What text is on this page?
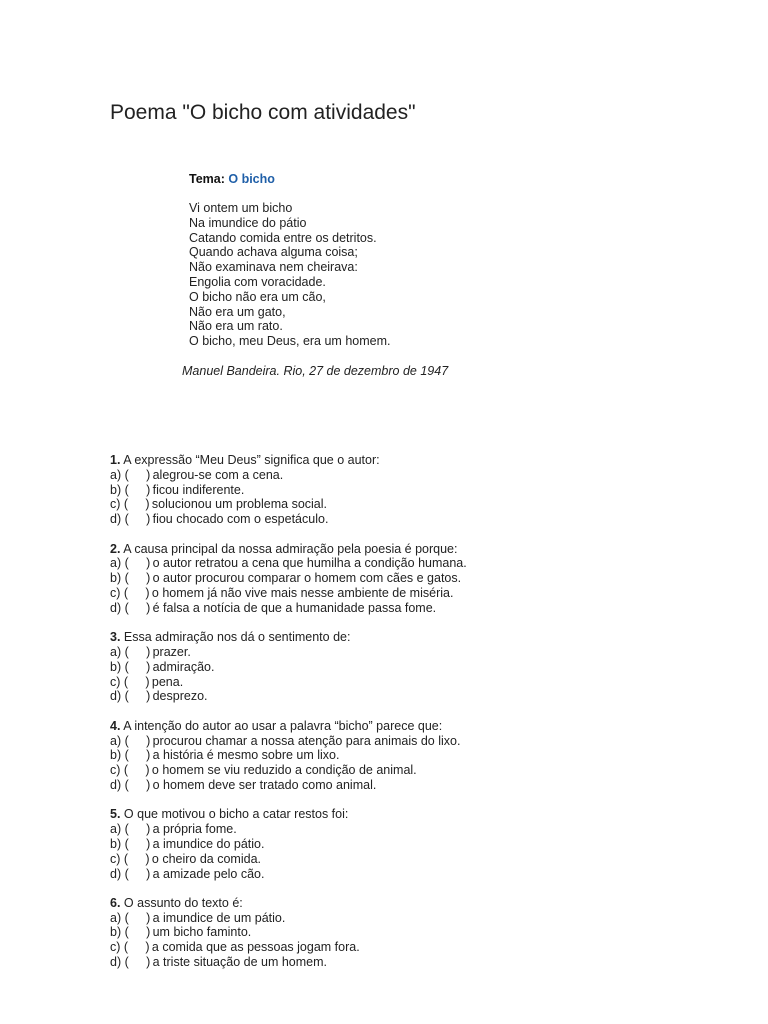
Poema "O bicho com atividades"
Tema: O bicho
Vi ontem um bicho
Na imundice do pátio
Catando comida entre os detritos.
Quando achava alguma coisa;
Não examinava nem cheirava:
Engolia com voracidade.
O bicho não era um cão,
Não era um gato,
Não era um rato.
O bicho, meu Deus, era um homem.
Manuel Bandeira. Rio, 27 de dezembro de 1947
1. A expressão “Meu Deus” significa que o autor:
a) (     ) alegrou-se com a cena.
b) (     ) ficou indiferente.
c) (     ) solucionou um problema social.
d) (     ) fiou chocado com o espetáculo.
2. A causa principal da nossa admiração pela poesia é porque:
a) (     ) o autor retratou a cena que humilha a condição humana.
b) (     ) o autor procurou comparar o homem com cães e gatos.
c) (     ) o homem já não vive mais nesse ambiente de miséria.
d) (     ) é falsa a notícia de que a humanidade passa fome.
3. Essa admiração nos dá o sentimento de:
a) (     ) prazer.
b) (     ) admiração.
c) (     ) pena.
d) (     ) desprezo.
4. A intenção do autor ao usar a palavra “bicho” parece que:
a) (     ) procurou chamar a nossa atenção para animais do lixo.
b) (     ) a história é mesmo sobre um lixo.
c) (     ) o homem se viu reduzido a condição de animal.
d) (     ) o homem deve ser tratado como animal.
5. O que motivou o bicho a catar restos foi:
a) (     ) a própria fome.
b) (     ) a imundice do pátio.
c) (     ) o cheiro da comida.
d) (     ) a amizade pelo cão.
6. O assunto do texto é:
a) (     ) a imundice de um pátio.
b) (     ) um bicho faminto.
c) (     ) a comida que as pessoas jogam fora.
d) (     ) a triste situação de um homem.
